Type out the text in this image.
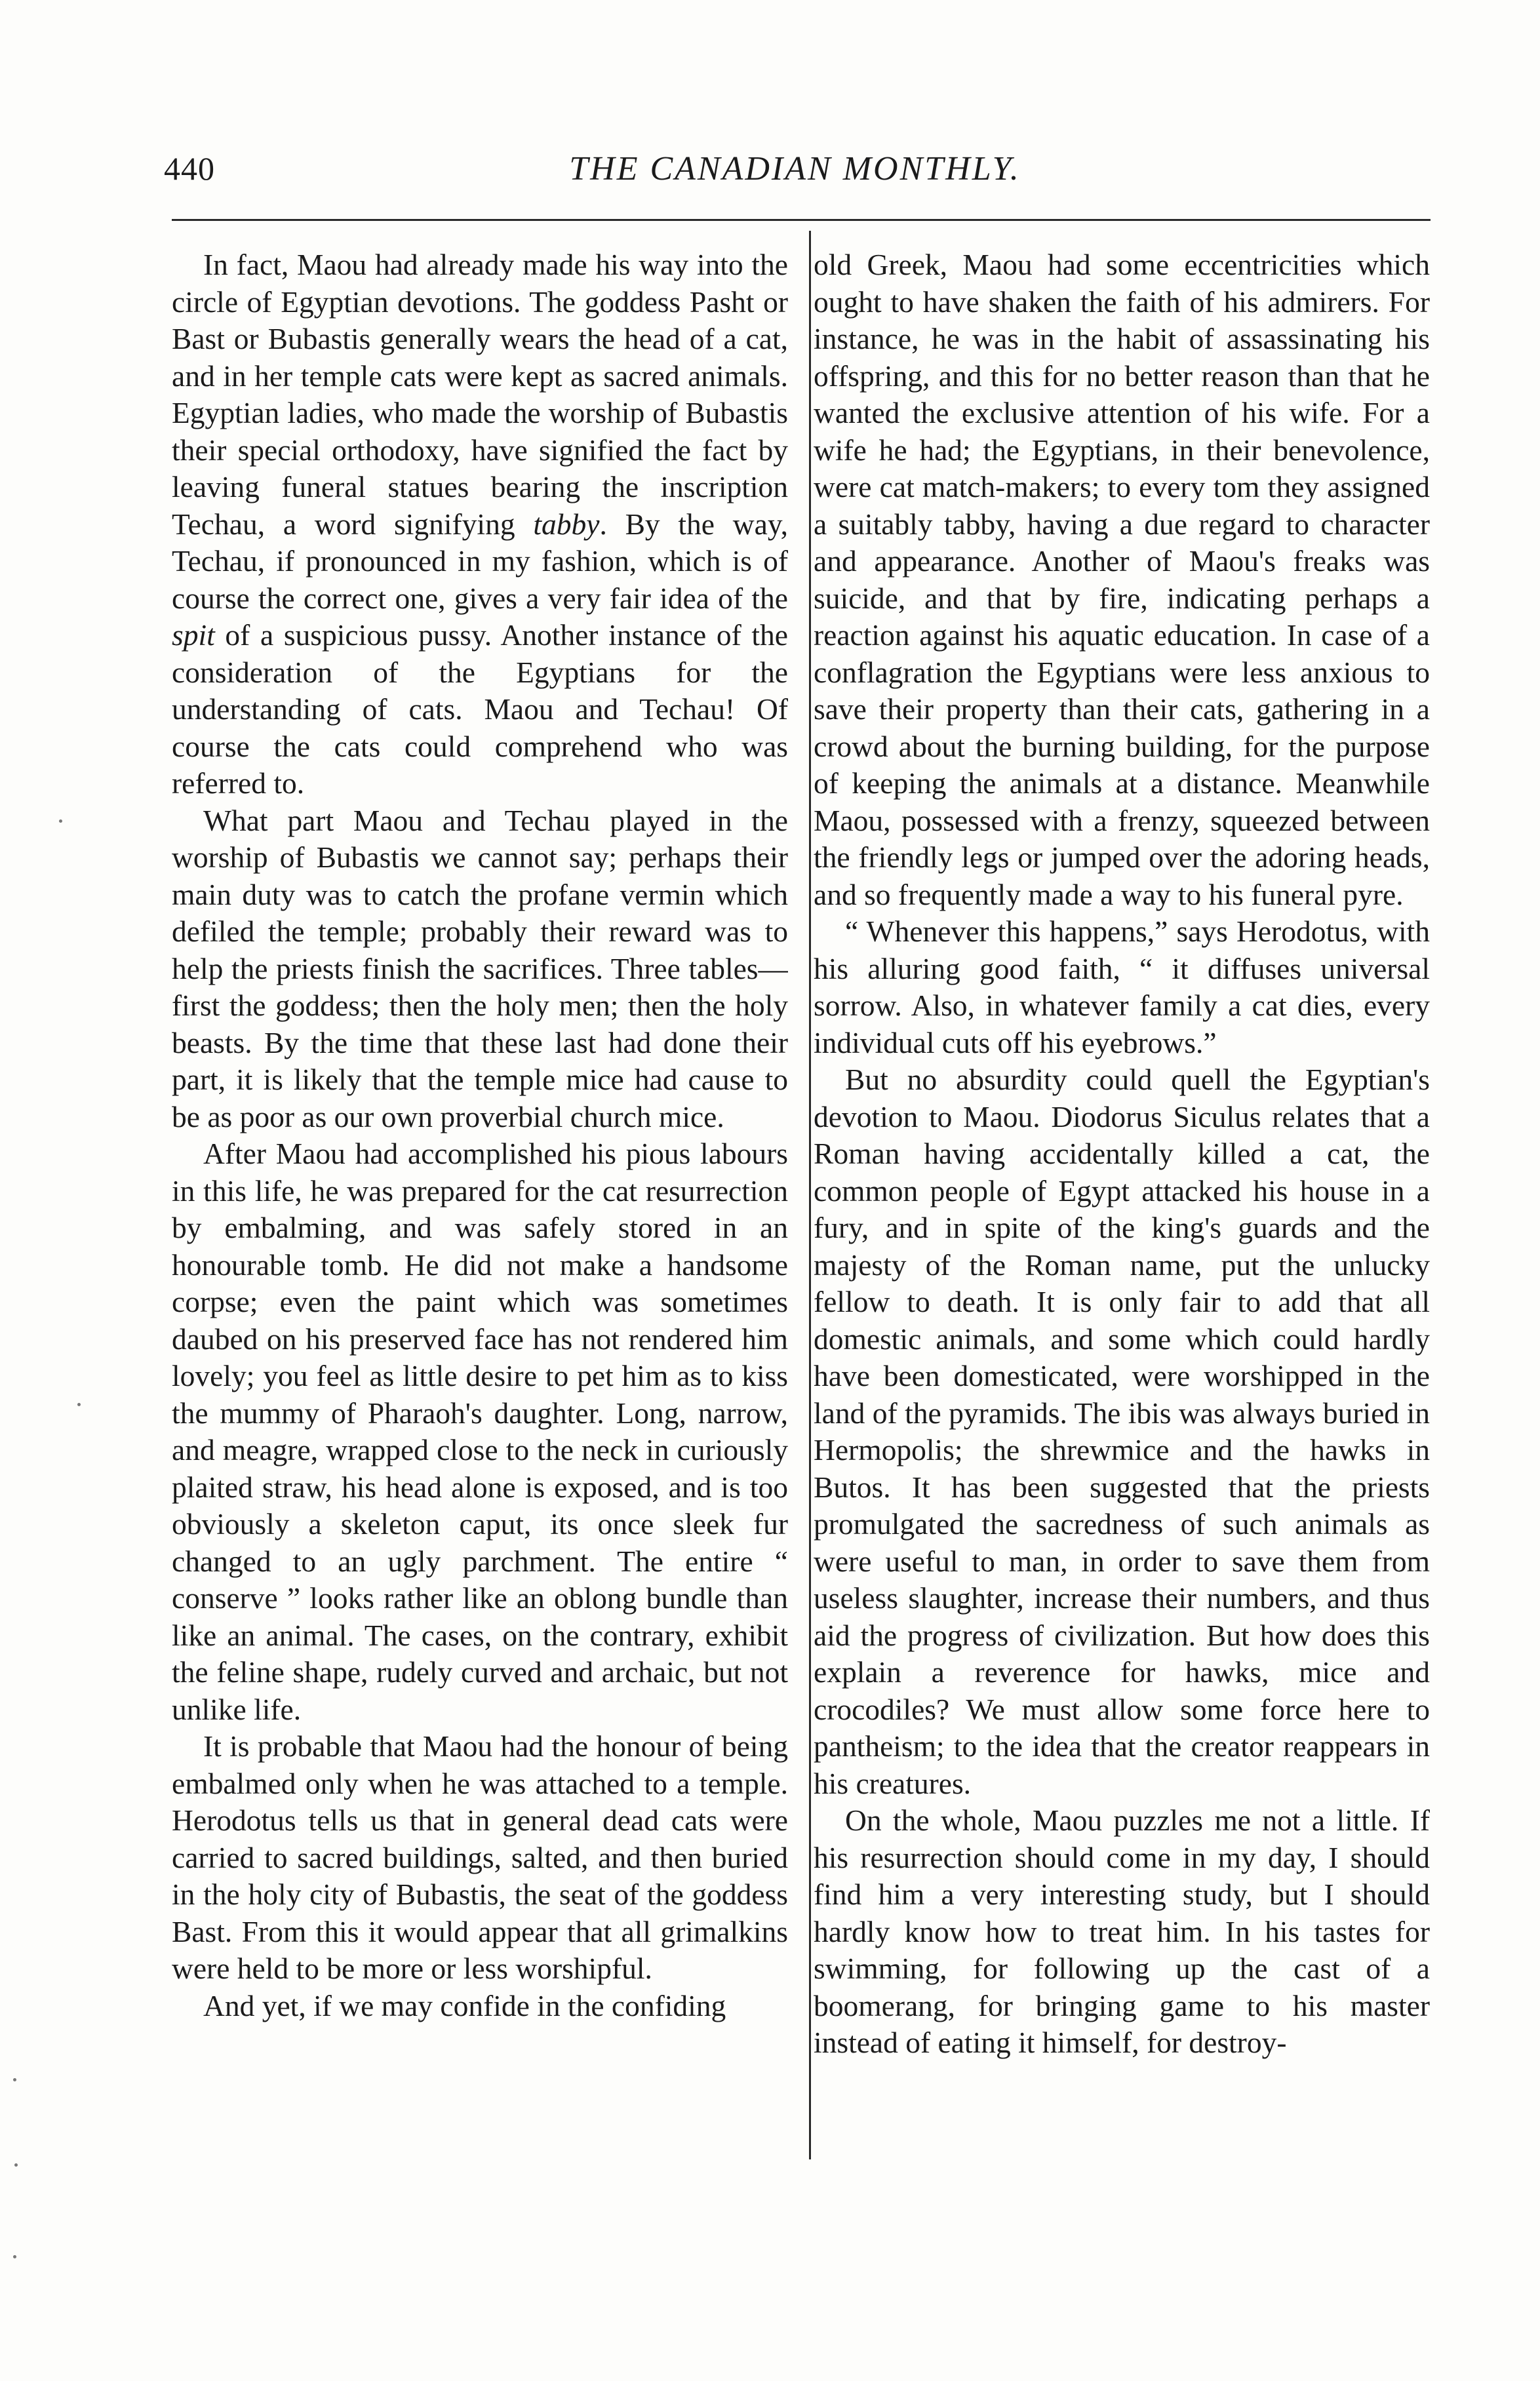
440	THE CANADIAN MONTHLY.

In fact, Maou had already made his way into the circle of Egyptian devotions. The goddess Pasht or Bast or Bubastis generally wears the head of a cat, and in her temple cats were kept as sacred animals. Egyptian ladies, who made the worship of Bubastis their special orthodoxy, have signified the fact by leaving funeral statues bearing the inscription Techau, a word signifying tabby. By the way, Techau, if pronounced in my fashion, which is of course the correct one, gives a very fair idea of the spit of a suspicious pussy. Another instance of the consideration of the Egyptians for the understanding of cats. Maou and Techau! Of course the cats could comprehend who was referred to.

What part Maou and Techau played in the worship of Bubastis we cannot say; perhaps their main duty was to catch the profane vermin which defiled the temple; probably their reward was to help the priests finish the sacrifices. Three tables—first the goddess; then the holy men; then the holy beasts. By the time that these last had done their part, it is likely that the temple mice had cause to be as poor as our own proverbial church mice.

After Maou had accomplished his pious labours in this life, he was prepared for the cat resurrection by embalming, and was safely stored in an honourable tomb. He did not make a handsome corpse; even the paint which was sometimes daubed on his preserved face has not rendered him lovely; you feel as little desire to pet him as to kiss the mummy of Pharaoh's daughter. Long, narrow, and meagre, wrapped close to the neck in curiously plaited straw, his head alone is exposed, and is too obviously a skeleton caput, its once sleek fur changed to an ugly parchment. The entire “ conserve ” looks rather like an oblong bundle than like an animal. The cases, on the contrary, exhibit the feline shape, rudely curved and archaic, but not unlike life.

It is probable that Maou had the honour of being embalmed only when he was attached to a temple. Herodotus tells us that in general dead cats were carried to sacred buildings, salted, and then buried in the holy city of Bubastis, the seat of the goddess Bast. From this it would appear that all grimalkins were held to be more or less worshipful.

And yet, if we may confide in the confiding

old Greek, Maou had some eccentricities which ought to have shaken the faith of his admirers. For instance, he was in the habit of assassinating his offspring, and this for no better reason than that he wanted the exclusive attention of his wife. For a wife he had; the Egyptians, in their benevolence, were cat match-makers; to every tom they assigned a suitably tabby, having a due regard to character and appearance. Another of Maou's freaks was suicide, and that by fire, indicating perhaps a reaction against his aquatic education. In case of a conflagration the Egyptians were less anxious to save their property than their cats, gathering in a crowd about the burning building, for the purpose of keeping the animals at a distance. Meanwhile Maou, possessed with a frenzy, squeezed between the friendly legs or jumped over the adoring heads, and so frequently made a way to his funeral pyre.

“ Whenever this happens,” says Herodotus, with his alluring good faith, “ it diffuses universal sorrow. Also, in whatever family a cat dies, every individual cuts off his eyebrows.”

But no absurdity could quell the Egyptian's devotion to Maou. Diodorus Siculus relates that a Roman having accidentally killed a cat, the common people of Egypt attacked his house in a fury, and in spite of the king's guards and the majesty of the Roman name, put the unlucky fellow to death. It is only fair to add that all domestic animals, and some which could hardly have been domesticated, were worshipped in the land of the pyramids. The ibis was always buried in Hermopolis; the shrewmice and the hawks in Butos. It has been suggested that the priests promulgated the sacredness of such animals as were useful to man, in order to save them from useless slaughter, increase their numbers, and thus aid the progress of civilization. But how does this explain a reverence for hawks, mice and crocodiles? We must allow some force here to pantheism; to the idea that the creator reappears in his creatures.

On the whole, Maou puzzles me not a little. If his resurrection should come in my day, I should find him a very interesting study, but I should hardly know how to treat him. In his tastes for swimming, for following up the cast of a boomerang, for bringing game to his master instead of eating it himself, for destroy-
